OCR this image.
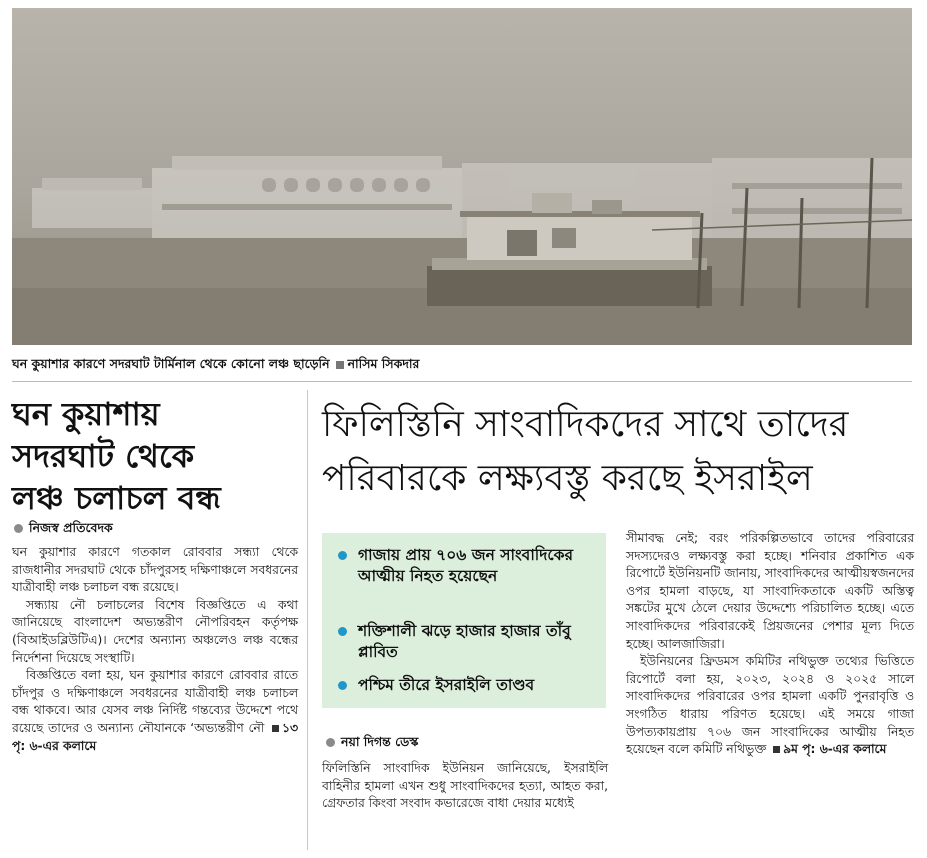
ঘন কুয়াশার কারণে সদরঘাট টার্মিনাল থেকে কোনো লঞ্চ ছাড়েনি নাসিম সিকদার
ঘন কুয়াশায়
সদরঘাট থেকে
লঞ্চ চলাচল বন্ধ
নিজস্ব প্রতিবেদক

ঘন কুয়াশার কারণে গতকাল রোববার সন্ধ্যা থেকে রাজধানীর সদরঘাট থেকে চাঁদপুরসহ দক্ষিণাঞ্চলে সবধরনের যাত্রীবাহী লঞ্চ চলাচল বন্ধ রয়েছে।

সন্ধ্যায় নৌ চলাচলের বিশেষ বিজ্ঞপ্তিতে এ কথা জানিয়েছে বাংলাদেশ অভ্যন্তরীণ নৌপরিবহন কর্তৃপক্ষ (বিআইডব্লিউটিএ)। দেশের অন্যান্য অঞ্চলেও লঞ্চ বন্ধের নির্দেশনা দিয়েছে সংস্থাটি।

বিজ্ঞপ্তিতে বলা হয়, ঘন কুয়াশার কারণে রোববার রাতে চাঁদপুর ও দক্ষিণাঞ্চলে সবধরনের যাত্রীবাহী লঞ্চ চলাচল বন্ধ থাকবে। আর যেসব লঞ্চ নির্দিষ্ট গন্তব্যের উদ্দেশে পথে রয়েছে তাদের ও অন্যান্য নৌযানকে ‘অভ্যন্তরীণ নৌ ১৩ পৃ: ৬-এর কলামে

ফিলিস্তিনি সাংবাদিকদের সাথে তাদের
পরিবারকে লক্ষ্যবস্তু করছে ইসরাইল
গাজায় প্রায় ৭০৬ জন সাংবাদিকের আত্মীয় নিহত হয়েছেন
শক্তিশালী ঝড়ে হাজার হাজার তাঁবু প্লাবিত
পশ্চিম তীরে ইসরাইলি তাণ্ডব
নয়া দিগন্ত ডেস্ক

ফিলিস্তিনি সাংবাদিক ইউনিয়ন জানিয়েছে, ইসরাইলি বাহিনীর হামলা এখন শুধু সাংবাদিকদের হত্যা, আহত করা, গ্রেফতার কিংবা সংবাদ কভারেজে বাধা দেয়ার মধ্যেই

সীমাবদ্ধ নেই; বরং পরিকল্পিতভাবে তাদের পরিবারের সদস্যদেরও লক্ষ্যবস্তু করা হচ্ছে। শনিবার প্রকাশিত এক রিপোর্টে ইউনিয়নটি জানায়, সাংবাদিকদের আত্মীয়স্বজনদের ওপর হামলা বাড়ছে, যা সাংবাদিকতাকে একটি অস্তিত্ব সঙ্কটের মুখে ঠেলে দেয়ার উদ্দেশ্যে পরিচালিত হচ্ছে। এতে সাংবাদিকদের পরিবারকেই প্রিয়জনের পেশার মূল্য দিতে হচ্ছে। আলজাজিরা।

ইউনিয়নের ফ্রিডমস কমিটির নথিভুক্ত তথ্যের ভিত্তিতে রিপোর্টে বলা হয়, ২০২৩, ২০২৪ ও ২০২৫ সালে সাংবাদিকদের পরিবারের ওপর হামলা একটি পুনরাবৃত্তি ও সংগঠিত ধারায় পরিণত হয়েছে। এই সময়ে গাজা উপত্যকায়প্রায় ৭০৬ জন সাংবাদিকের আত্মীয় নিহত হয়েছেন বলে কমিটি নথিভুক্ত ৯ম পৃ: ৬-এর কলামে
